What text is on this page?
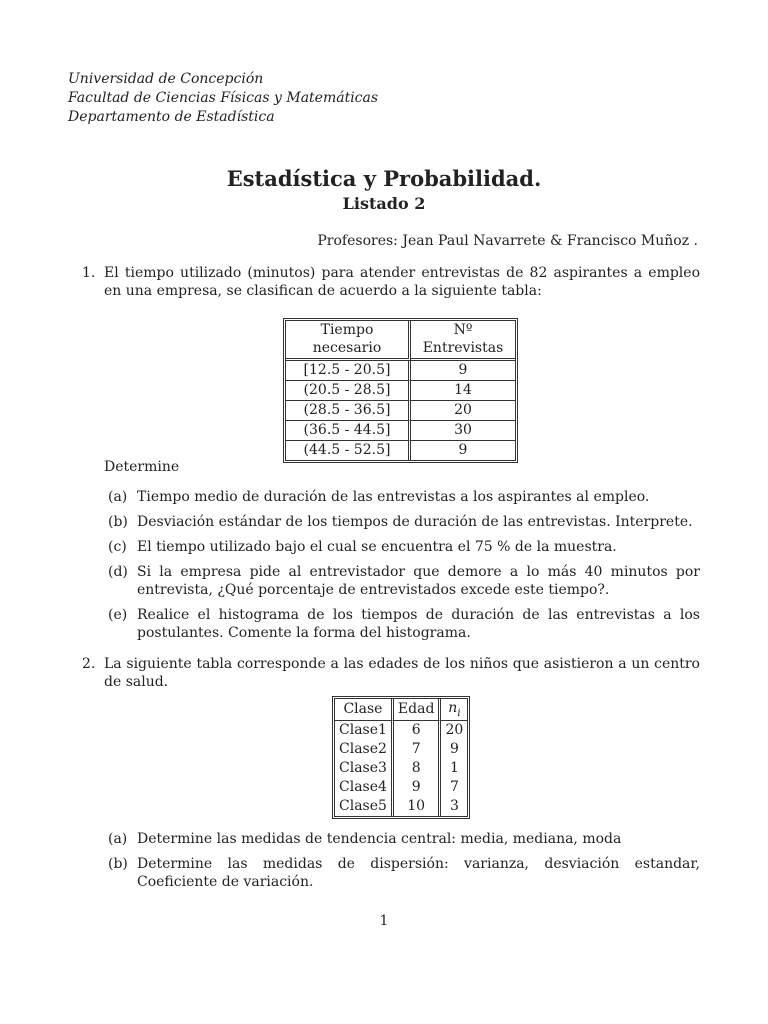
Universidad de Concepción
Facultad de Ciencias Físicas y Matemáticas
Departamento de Estadística
Estadística y Probabilidad.
Listado 2
Profesores: Jean Paul Navarrete & Francisco Muñoz .
1. El tiempo utilizado (minutos) para atender entrevistas de 82 aspirantes a empleo en una empresa, se clasifican de acuerdo a la siguiente tabla:
Tiempo necesario	Nº Entrevistas
[12.5 - 20.5]	9
(20.5 - 28.5]	14
(28.5 - 36.5]	20
(36.5 - 44.5]	30
(44.5 - 52.5]	9
Determine
(a) Tiempo medio de duración de las entrevistas a los aspirantes al empleo.
(b) Desviación estándar de los tiempos de duración de las entrevistas. Interprete.
(c) El tiempo utilizado bajo el cual se encuentra el 75 % de la muestra.
(d) Si la empresa pide al entrevistador que demore a lo más 40 minutos por entrevista, ¿Qué porcentaje de entrevistados excede este tiempo?.
(e) Realice el histograma de los tiempos de duración de las entrevistas a los postulantes. Comente la forma del histograma.
2. La siguiente tabla corresponde a las edades de los niños que asistieron a un centro de salud.
Clase	Edad	$n_i$
Clase1	6	20
Clase2	7	9
Clase3	8	1
Clase4	9	7
Clase5	10	3
(a) Determine las medidas de tendencia central: media, mediana, moda
(b) Determine las medidas de dispersión: varianza, desviación estandar, Coeficiente de variación.
1
